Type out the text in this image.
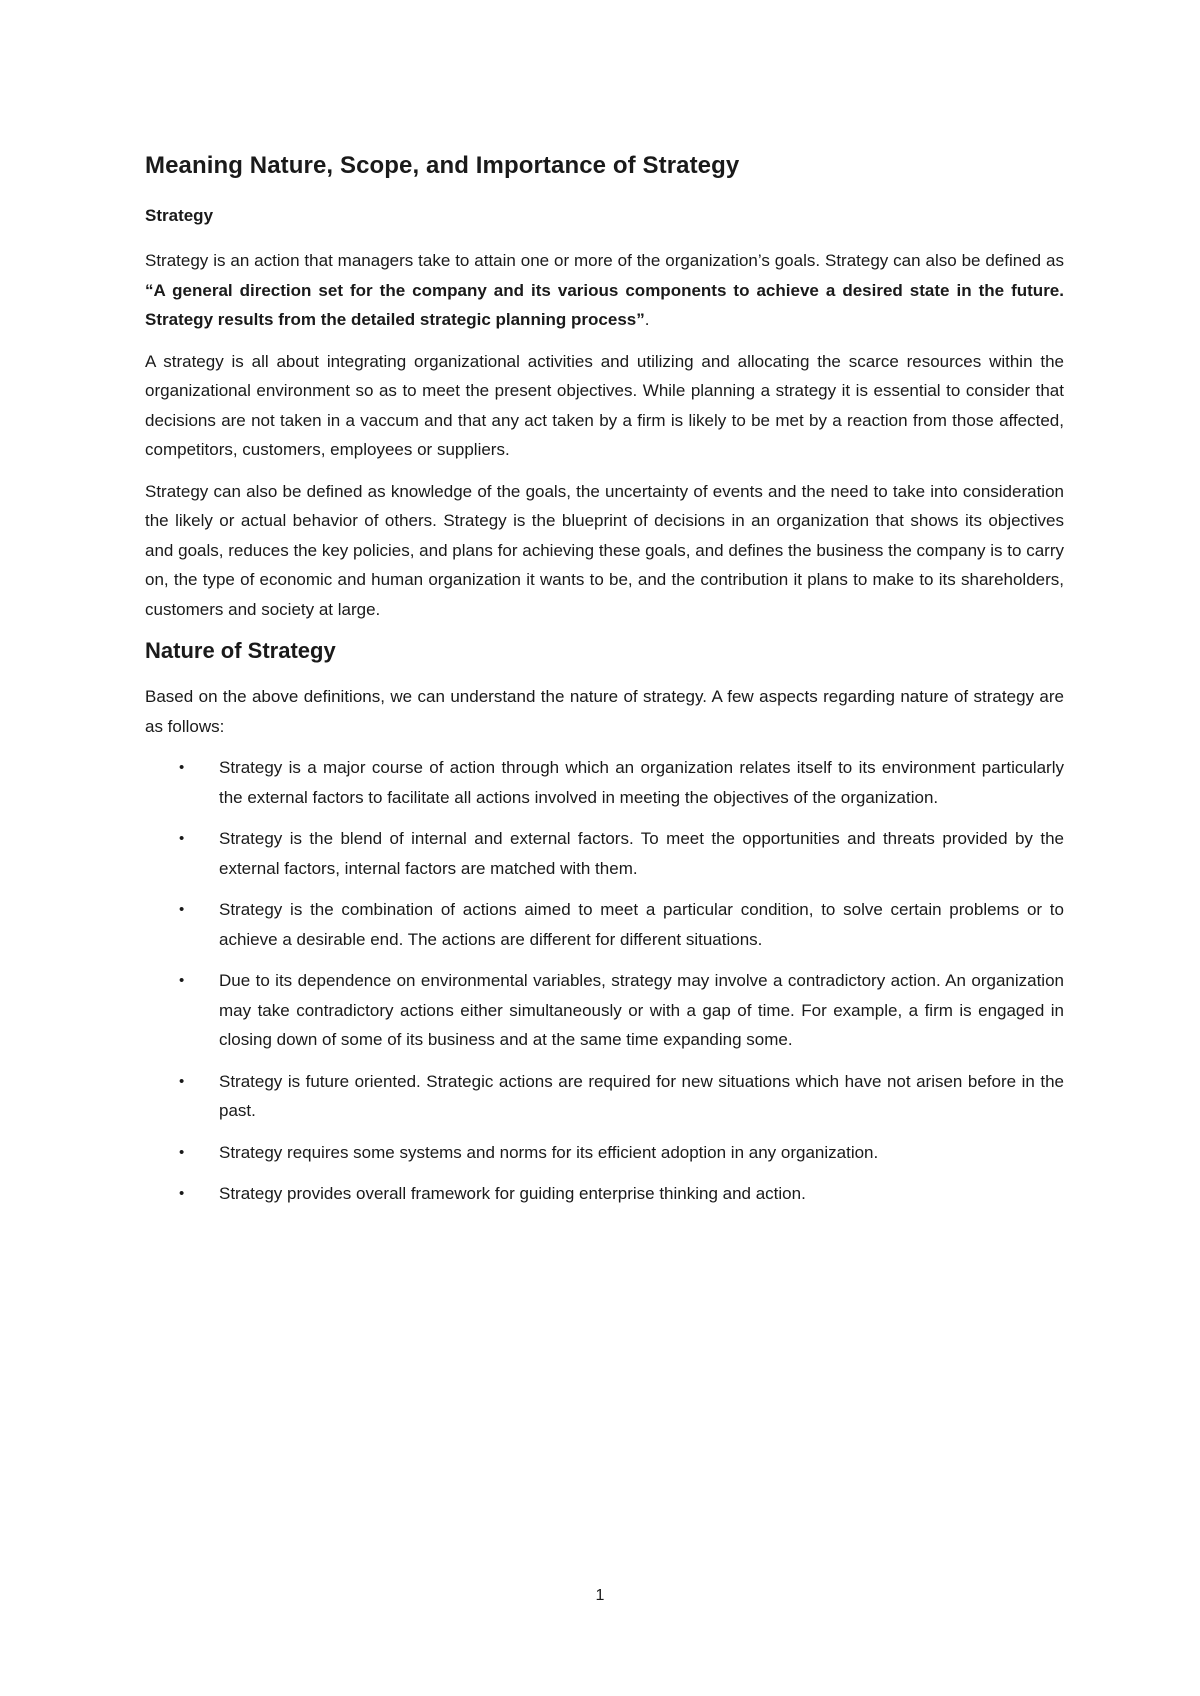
Meaning Nature, Scope, and Importance of Strategy
Strategy

Strategy is an action that managers take to attain one or more of the organization’s goals. Strategy can also be defined as “A general direction set for the company and its various components to achieve a desired state in the future. Strategy results from the detailed strategic planning process”.

A strategy is all about integrating organizational activities and utilizing and allocating the scarce resources within the organizational environment so as to meet the present objectives. While planning a strategy it is essential to consider that decisions are not taken in a vaccum and that any act taken by a firm is likely to be met by a reaction from those affected, competitors, customers, employees or suppliers.

Strategy can also be defined as knowledge of the goals, the uncertainty of events and the need to take into consideration the likely or actual behavior of others. Strategy is the blueprint of decisions in an organization that shows its objectives and goals, reduces the key policies, and plans for achieving these goals, and defines the business the company is to carry on, the type of economic and human organization it wants to be, and the contribution it plans to make to its shareholders, customers and society at large.

Nature of Strategy

Based on the above definitions, we can understand the nature of strategy. A few aspects regarding nature of strategy are as follows:

• Strategy is a major course of action through which an organization relates itself to its environment particularly the external factors to facilitate all actions involved in meeting the objectives of the organization.
• Strategy is the blend of internal and external factors. To meet the opportunities and threats provided by the external factors, internal factors are matched with them.
• Strategy is the combination of actions aimed to meet a particular condition, to solve certain problems or to achieve a desirable end. The actions are different for different situations.
• Due to its dependence on environmental variables, strategy may involve a contradictory action. An organization may take contradictory actions either simultaneously or with a gap of time. For example, a firm is engaged in closing down of some of its business and at the same time expanding some.
• Strategy is future oriented. Strategic actions are required for new situations which have not arisen before in the past.
• Strategy requires some systems and norms for its efficient adoption in any organization.
• Strategy provides overall framework for guiding enterprise thinking and action.
1
